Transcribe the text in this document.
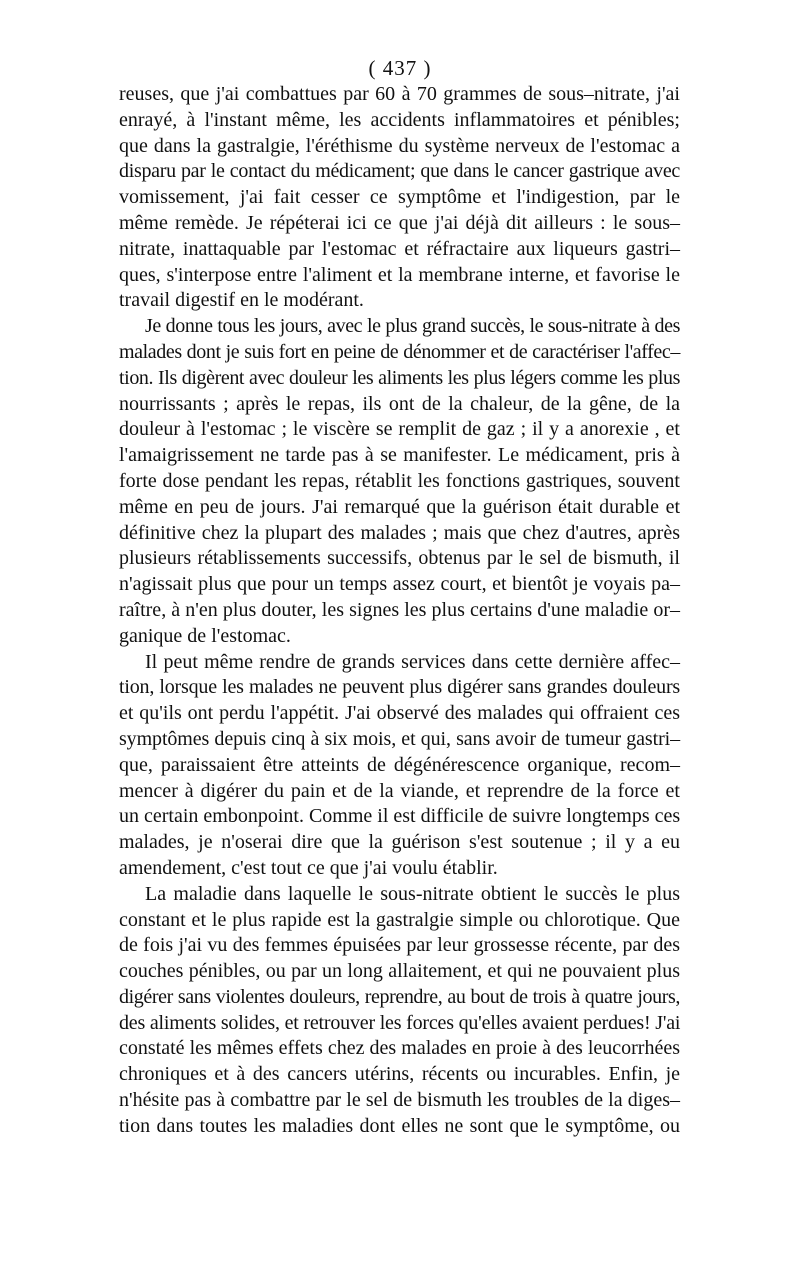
( 437 )
reuses, que j'ai combattues par 60 à 70 grammes de sous–nitrate, j'ai
enrayé, à l'instant même, les accidents inflammatoires et pénibles;
que dans la gastralgie, l'éréthisme du système nerveux de l'estomac a
disparu par le contact du médicament; que dans le cancer gastrique avec
vomissement, j'ai fait cesser ce symptôme et l'indigestion, par le
même remède. Je répéterai ici ce que j'ai déjà dit ailleurs : le sous–
nitrate, inattaquable par l'estomac et réfractaire aux liqueurs gastri–
ques, s'interpose entre l'aliment et la membrane interne, et favorise le
travail digestif en le modérant.
Je donne tous les jours, avec le plus grand succès, le sous-nitrate à des
malades dont je suis fort en peine de dénommer et de caractériser l'affec–
tion. Ils digèrent avec douleur les aliments les plus légers comme les plus
nourrissants ; après le repas, ils ont de la chaleur, de la gêne, de la
douleur à l'estomac ; le viscère se remplit de gaz ; il y a anorexie , et
l'amaigrissement ne tarde pas à se manifester. Le médicament, pris à
forte dose pendant les repas, rétablit les fonctions gastriques, souvent
même en peu de jours. J'ai remarqué que la guérison était durable et
définitive chez la plupart des malades ; mais que chez d'autres, après
plusieurs rétablissements successifs, obtenus par le sel de bismuth, il
n'agissait plus que pour un temps assez court, et bientôt je voyais pa–
raître, à n'en plus douter, les signes les plus certains d'une maladie or–
ganique de l'estomac.
Il peut même rendre de grands services dans cette dernière affec–
tion, lorsque les malades ne peuvent plus digérer sans grandes douleurs
et qu'ils ont perdu l'appétit. J'ai observé des malades qui offraient ces
symptômes depuis cinq à six mois, et qui, sans avoir de tumeur gastri–
que, paraissaient être atteints de dégénérescence organique, recom–
mencer à digérer du pain et de la viande, et reprendre de la force et
un certain embonpoint. Comme il est difficile de suivre longtemps ces
malades, je n'oserai dire que la guérison s'est soutenue ; il y a eu
amendement, c'est tout ce que j'ai voulu établir.
La maladie dans laquelle le sous-nitrate obtient le succès le plus
constant et le plus rapide est la gastralgie simple ou chlorotique. Que
de fois j'ai vu des femmes épuisées par leur grossesse récente, par des
couches pénibles, ou par un long allaitement, et qui ne pouvaient plus
digérer sans violentes douleurs, reprendre, au bout de trois à quatre jours,
des aliments solides, et retrouver les forces qu'elles avaient perdues! J'ai
constaté les mêmes effets chez des malades en proie à des leucorrhées
chroniques et à des cancers utérins, récents ou incurables. Enfin, je
n'hésite pas à combattre par le sel de bismuth les troubles de la diges–
tion dans toutes les maladies dont elles ne sont que le symptôme, ou
